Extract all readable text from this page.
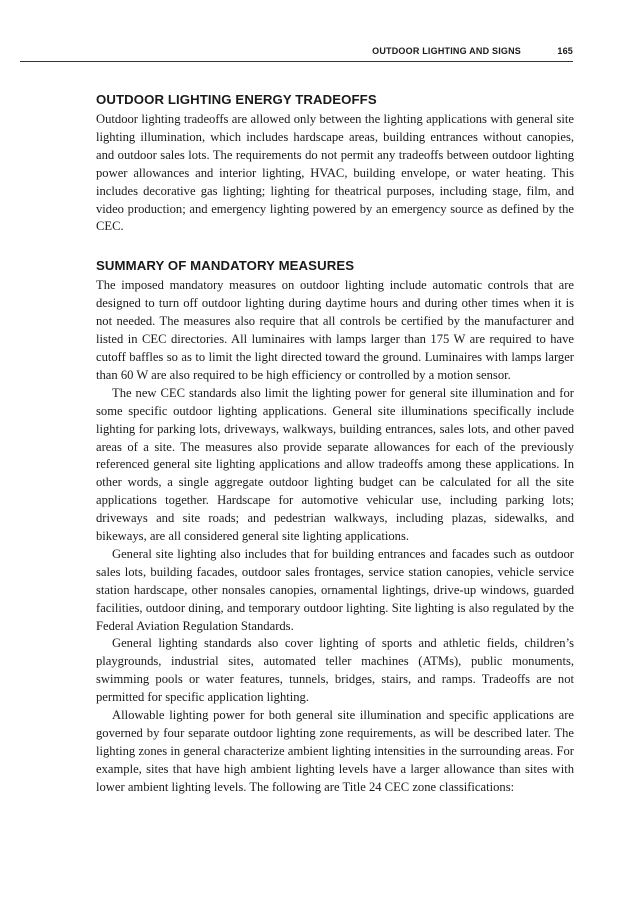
OUTDOOR LIGHTING AND SIGNS	165
OUTDOOR LIGHTING ENERGY TRADEOFFS

Outdoor lighting tradeoffs are allowed only between the lighting applications with general site lighting illumination, which includes hardscape areas, building entrances without canopies, and outdoor sales lots. The requirements do not permit any tradeoffs between outdoor lighting power allowances and interior lighting, HVAC, building envelope, or water heating. This includes decorative gas lighting; lighting for theatrical purposes, including stage, film, and video production; and emergency lighting powered by an emergency source as defined by the CEC.

SUMMARY OF MANDATORY MEASURES

The imposed mandatory measures on outdoor lighting include automatic controls that are designed to turn off outdoor lighting during daytime hours and during other times when it is not needed. The measures also require that all controls be certified by the manufacturer and listed in CEC directories. All luminaires with lamps larger than 175 W are required to have cutoff baffles so as to limit the light directed toward the ground. Luminaires with lamps larger than 60 W are also required to be high efficiency or controlled by a motion sensor.

The new CEC standards also limit the lighting power for general site illumination and for some specific outdoor lighting applications. General site illuminations specifically include lighting for parking lots, driveways, walkways, building entrances, sales lots, and other paved areas of a site. The measures also provide separate allowances for each of the previously referenced general site lighting applications and allow tradeoffs among these applications. In other words, a single aggregate outdoor lighting budget can be calculated for all the site applications together. Hardscape for automotive vehicular use, including parking lots; driveways and site roads; and pedestrian walkways, including plazas, sidewalks, and bikeways, are all considered general site lighting applications.

General site lighting also includes that for building entrances and facades such as outdoor sales lots, building facades, outdoor sales frontages, service station canopies, vehicle service station hardscape, other nonsales canopies, ornamental lightings, drive-up windows, guarded facilities, outdoor dining, and temporary outdoor lighting. Site lighting is also regulated by the Federal Aviation Regulation Standards.

General lighting standards also cover lighting of sports and athletic fields, children’s playgrounds, industrial sites, automated teller machines (ATMs), public monuments, swimming pools or water features, tunnels, bridges, stairs, and ramps. Tradeoffs are not permitted for specific application lighting.

Allowable lighting power for both general site illumination and specific applications are governed by four separate outdoor lighting zone requirements, as will be described later. The lighting zones in general characterize ambient lighting intensities in the surrounding areas. For example, sites that have high ambient lighting levels have a larger allowance than sites with lower ambient lighting levels. The following are Title 24 CEC zone classifications:
